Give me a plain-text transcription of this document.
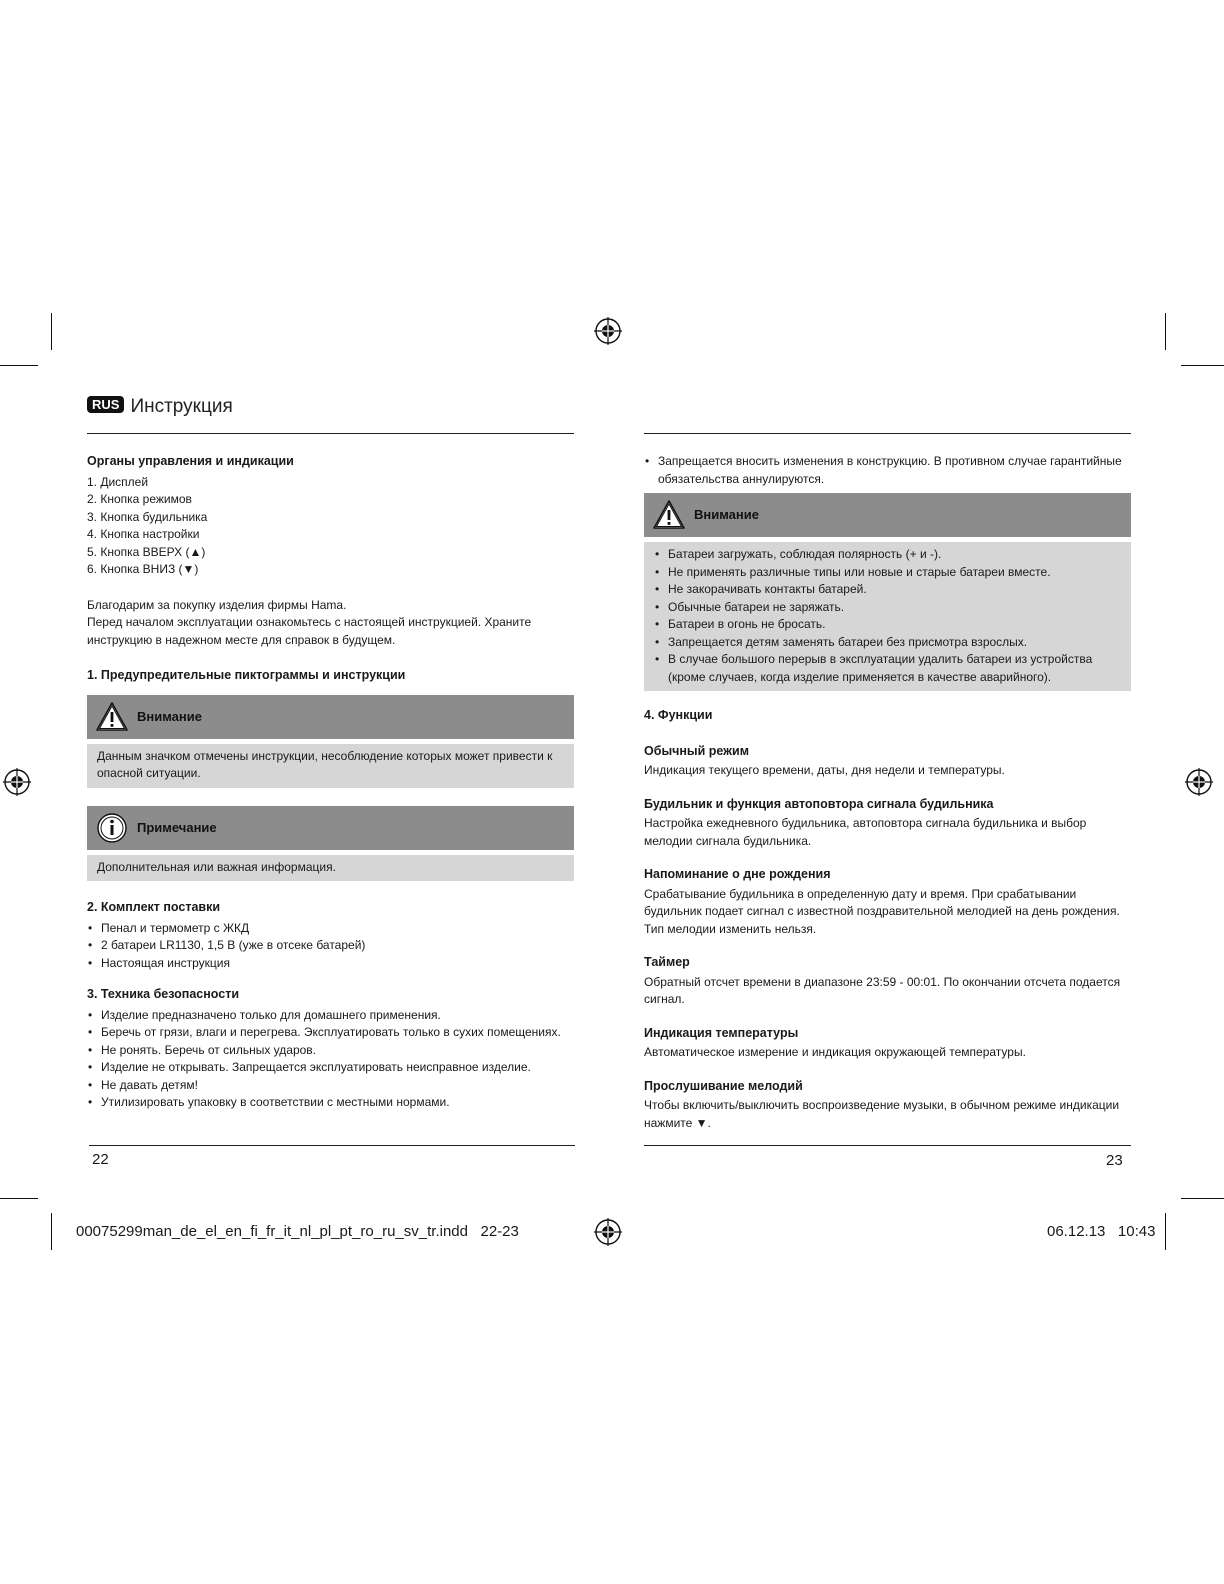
RUS Инструкция

Органы управления и индикации

1. Дисплей
2. Кнопка режимов
3. Кнопка будильника
4. Кнопка настройки
5. Кнопка ВВЕРХ (▲)
6. Кнопка ВНИЗ (▼)

Благодарим за покупку изделия фирмы Hama.

Перед началом эксплуатации ознакомьтесь с настоящей инструкцией. Храните инструкцию в надежном месте для справок в будущем.

1. Предупредительные пиктограммы и инструкции

Внимание

Данным значком отмечены инструкции, несоблюдение которых может привести к опасной ситуации.

Примечание

Дополнительная или важная информация.

2. Комплект поставки

• Пенал и термометр с ЖКД
• 2 батареи LR1130, 1,5 В (уже в отсеке батарей)
• Настоящая инструкция

3. Техника безопасности

• Изделие предназначено только для домашнего применения.
• Беречь от грязи, влаги и перегрева. Эксплуатировать только в сухих помещениях.
• Не ронять. Беречь от сильных ударов.
• Изделие не открывать. Запрещается эксплуатировать неисправное изделие.
• Не давать детям!
• Утилизировать упаковку в соответствии с местными нормами.
• Запрещается вносить изменения в конструкцию. В противном случае гарантийные обязательства аннулируются.
Внимание
• Батареи загружать, соблюдая полярность (+ и -).
• Не применять различные типы или новые и старые батареи вместе.
• Не закорачивать контакты батарей.
• Обычные батареи не заряжать.
• Батареи в огонь не бросать.
• Запрещается детям заменять батареи без присмотра взрослых.
• В случае большого перерыв в эксплуатации удалить батареи из устройства (кроме случаев, когда изделие применяется в качестве аварийного).

4. Функции

Обычный режим

Индикация текущего времени, даты, дня недели и температуры.

Будильник и функция автоповтора сигнала будильника

Настройка ежедневного будильника, автоповтора сигнала будильника и выбор мелодии сигнала будильника.

Напоминание о дне рождения

Срабатывание будильника в определенную дату и время. При срабатывании будильник подает сигнал с известной поздравительной мелодией на день рождения. Тип мелодии изменить нельзя.

Таймер

Обратный отсчет времени в диапазоне 23:59 - 00:01. По окончании отсчета подается сигнал.

Индикация температуры

Автоматическое измерение и индикация окружающей температуры.

Прослушивание мелодий

Чтобы включить/выключить воспроизведение музыки, в обычном режиме индикации нажмите ▼.

22	23
00075299man_de_el_en_fi_fr_it_nl_pl_pt_ro_ru_sv_tr.indd   22-23	06.12.13 10:43
